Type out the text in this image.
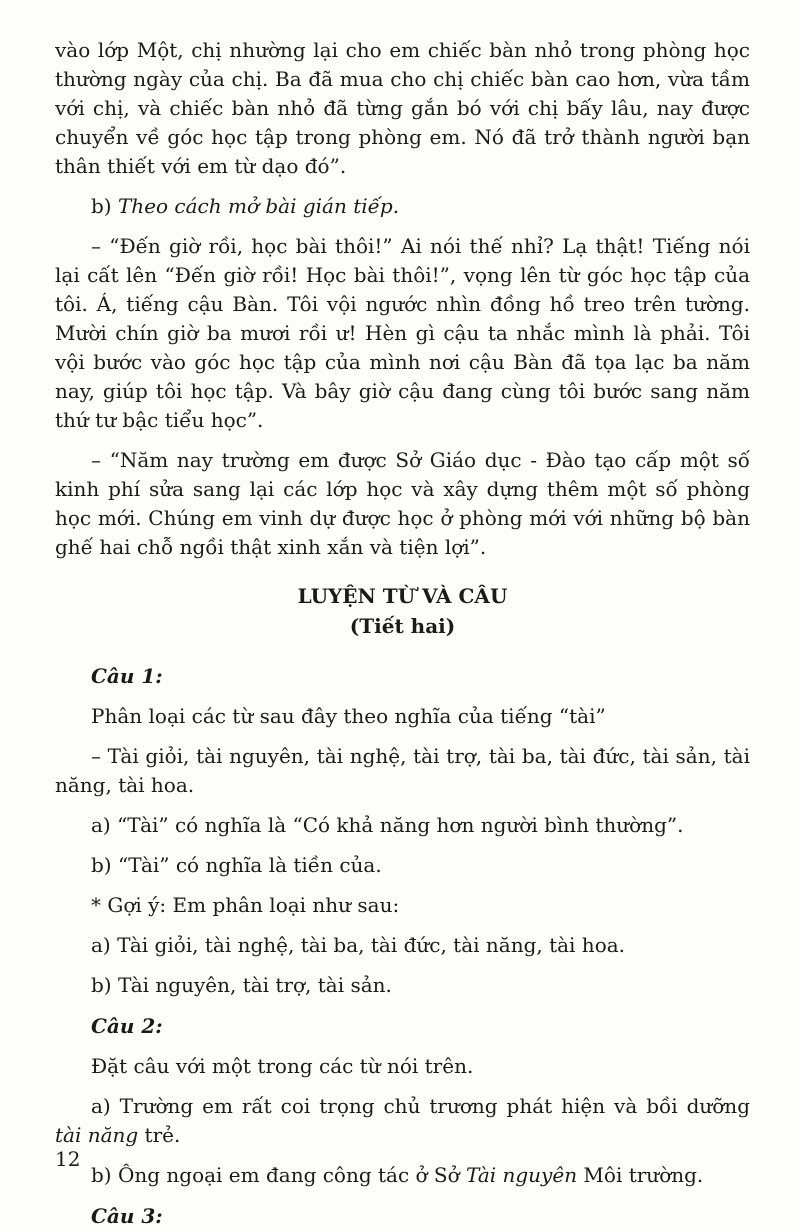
vào lớp Một, chị nhường lại cho em chiếc bàn nhỏ trong phòng học thường ngày của chị. Ba đã mua cho chị chiếc bàn cao hơn, vừa tầm với chị, và chiếc bàn nhỏ đã từng gắn bó với chị bấy lâu, nay được chuyển về góc học tập trong phòng em. Nó đã trở thành người bạn thân thiết với em từ dạo đó”.

b) Theo cách mở bài gián tiếp.

– “Đến giờ rồi, học bài thôi!” Ai nói thế nhỉ? Lạ thật! Tiếng nói lại cất lên “Đến giờ rồi! Học bài thôi!”, vọng lên từ góc học tập của tôi. Á, tiếng cậu Bàn. Tôi vội ngước nhìn đồng hồ treo trên tường. Mười chín giờ ba mươi rồi ư! Hèn gì cậu ta nhắc mình là phải. Tôi vội bước vào góc học tập của mình nơi cậu Bàn đã tọa lạc ba năm nay, giúp tôi học tập. Và bây giờ cậu đang cùng tôi bước sang năm thứ tư bậc tiểu học”.

– “Năm nay trường em được Sở Giáo dục - Đào tạo cấp một số kinh phí sửa sang lại các lớp học và xây dựng thêm một số phòng học mới. Chúng em vinh dự được học ở phòng mới với những bộ bàn ghế hai chỗ ngồi thật xinh xắn và tiện lợi”.

LUYỆN TỪ VÀ CÂU
(Tiết hai)
Câu 1:

Phân loại các từ sau đây theo nghĩa của tiếng “tài”

– Tài giỏi, tài nguyên, tài nghệ, tài trợ, tài ba, tài đức, tài sản, tài năng, tài hoa.

a) “Tài” có nghĩa là “Có khả năng hơn người bình thường”.

b) “Tài” có nghĩa là tiền của.

* Gợi ý: Em phân loại như sau:

a) Tài giỏi, tài nghệ, tài ba, tài đức, tài năng, tài hoa.

b) Tài nguyên, tài trợ, tài sản.

Câu 2:

Đặt câu với một trong các từ nói trên.

a) Trường em rất coi trọng chủ trương phát hiện và bồi dưỡng tài năng trẻ.

b) Ông ngoại em đang công tác ở Sở Tài nguyên Môi trường.

Câu 3:
12
